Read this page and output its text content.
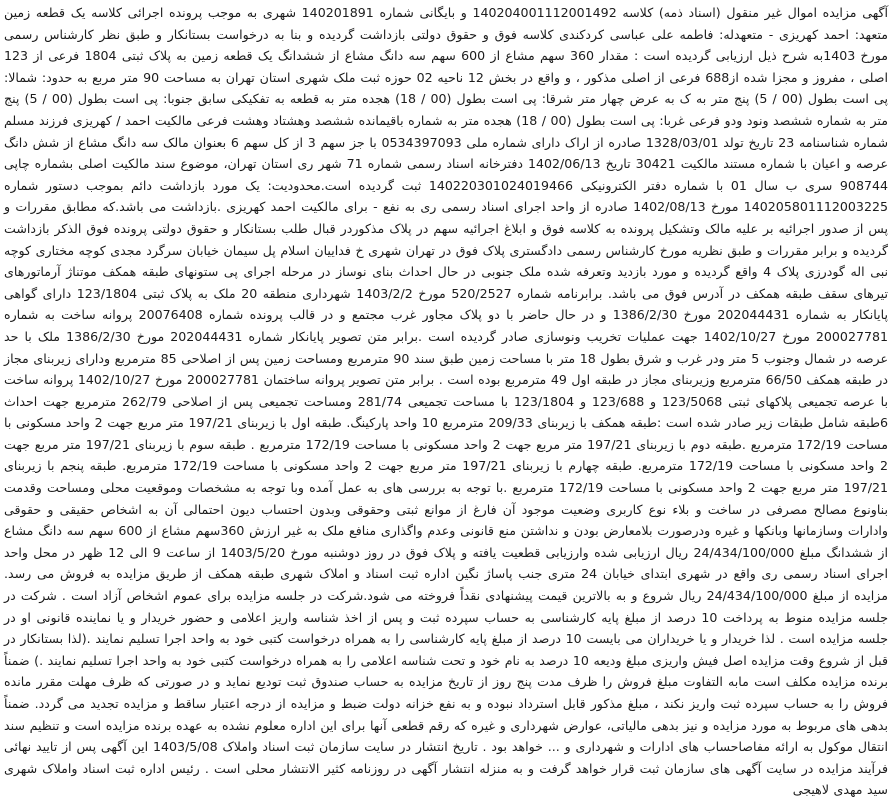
آگهی مزایده اموال غیر منقول (اسناد ذمه) کلاسه 140204001112001492 و بایگانی شماره 140201891 شهری به موجب پرونده اجرائی کلاسه یک قطعه زمین متعهد: احمد کهریزی - متعهدله: فاطمه علی عباسی کردکندی کلاسه فوق و حقوق دولتی بازداشت گردیده و بنا به درخواست بستانکار و طبق نظر کارشناس رسمی مورخ 1403به شرح ذیل ارزیابی گردیده است : مقدار 360 سهم مشاع از 600 سهم سه دانگ مشاع از ششدانگ یک قطعه زمین به پلاک ثبتی 1804 فرعی از 123 اصلی ، مفروز و مجزا شده از688 فرعی از اصلی مذکور ، و واقع در بخش 12 ناحیه 02 حوزه ثبت ملک شهری استان تهران به مساحت 90 متر مربع به حدود: شمالا: پی است بطول (00 / 5) پنج متر به ک به عرض چهار متر شرقا: پی است بطول (00 / 18) هجده متر به قطعه به تفکیکی سابق جنوبا: پی است بطول (00 / 5) پنج متر به شماره ششصد ونود ودو فرعی غربا: پی است بطول (00 / 18) هجده متر به شماره باقیمانده ششصد وهشتاد وهشت فرعی مالکیت احمد / کهریزی فرزند مسلم شماره شناسنامه 23 تاریخ تولد 1328/03/01 صادره از اراک دارای شماره ملی 0534397093 با جز سهم 3 از کل سهم 6 بعنوان مالک سه دانگ مشاع از شش دانگ عرصه و اعیان با شماره مستند مالکیت 30421 تاریخ 1402/06/13 دفترخانه اسناد رسمی شماره 71 شهر ری استان تهران، موضوع سند مالکیت اصلی بشماره چاپی 908744 سری ب سال 01 با شماره دفتر الکترونیکی 140220301024019466 ثبت گردیده است.محدودیت: یک مورد بازداشت دائم بموجب دستور شماره 140205801112003225 مورخ 1402/08/13 صادره از واحد اجرای اسناد رسمی ری به نفع - برای مالکیت احمد کهریزی .بازداشت می باشد.که مطابق مقررات و پس از صدور اجرائیه بر علیه مالک وتشکیل پرونده به کلاسه فوق و ابلاغ اجرائیه سهم در پلاک مذکوردر قبال طلب بستانکار و حقوق دولتی پرونده فوق الذکر بازداشت گردیده و برابر مقررات و طبق نظریه مورخ کارشناس رسمی دادگستری پلاک فوق در تهران شهری خ فداییان اسلام پل سیمان خیابان سرگرد مجدی کوچه مختاری کوچه نبی اله گودرزی پلاک 4 واقع گردیده و مورد بازدید وتعرفه شده ملک جنوبی در حال احداث بنای نوساز در مرحله اجرای پی ستونهای طبقه همکف موتناژ آرماتورهای تیرهای سقف طبقه همکف در آدرس فوق می باشد. برابرنامه شماره 520/2527 مورخ 1403/2/2 شهرداری منطقه 20 ملک به پلاک ثبتی 123/1804 دارای گواهی پایانکار به شماره 202044431 مورخ 1386/2/30 و در حال حاضر با دو پلاک مجاور غرب مجتمع و در قالب پرونده شماره 20076408 پروانه ساخت به شماره 200027781 مورخ 1402/10/27 جهت عملیات تخریب ونوسازی صادر گردیده است .برابر متن تصویر پایانکار شماره 202044431 مورخ 1386/2/30 ملک با حد عرصه در شمال وجنوب 5 متر ودر غرب و شرق بطول 18 متر با مساحت زمین طبق سند 90 مترمربع ومساحت زمین پس از اصلاحی 85 مترمربع ودارای زیربنای مجاز در طبقه همکف 66/50 مترمربع وزیربنای مجاز در طبقه اول 49 مترمربع بوده است . برابر متن تصویر پروانه ساختمان 200027781 مورخ 1402/10/27 پروانه ساخت با عرصه تجمیعی پلاکهای ثبتی 123/5068 و 123/688 و 123/1804 با مساحت تجمیعی 281/74 ومساحت تجمیعی پس از اصلاحی 262/79 مترمربع جهت احداث 6طبقه شامل طبقات زیر صادر شده است :طبقه همکف با زیربنای 209/33 مترمربع 10 واحد پارکینگ. طبقه اول با زیربنای 197/21 متر مربع جهت 2 واحد مسکونی با مساحت 172/19 مترمربع .طبقه دوم با زیربنای 197/21 متر مربع جهت 2 واحد مسکونی با مساحت 172/19 مترمربع . طبقه سوم با زیربنای 197/21 متر مربع جهت 2 واحد مسکونی با مساحت 172/19 مترمربع. طبقه چهارم با زیربنای 197/21 متر مربع جهت 2 واحد مسکونی با مساحت 172/19 مترمربع. طبقه پنجم با زیربنای 197/21 متر مربع جهت 2 واحد مسکونی با مساحت 172/19 مترمربع .با توجه به بررسی های به عمل آمده وبا توجه به مشخصات وموقعیت محلی ومساحت وقدمت بناونوع مصالح مصرفی در ساخت و بلاء نوع کاربری وضعیت موجود آن فارغ از موانع ثبتی وحقوقی وبدون احتساب دیون احتمالی آن به اشخاص حقیقی و حقوقی وادارات وسازمانها وبانکها و غیره ودرصورت بلامعارض بودن و نداشتن منع قانونی وعدم واگذاری منافع ملک به غیر ارزش 360سهم مشاع از 600 سهم سه دانگ مشاع از ششدانگ مبلغ 24/434/100/000 ریال ارزیابی شده وارزیابی قطعیت یافته و پلاک فوق در روز دوشنبه مورخ 1403/5/20 از ساعت 9 الی 12 ظهر در محل واحد اجرای اسناد رسمی ری واقع در شهری ابتدای خیابان 24 متری جنب پاساژ نگین اداره ثبت اسناد و املاک شهری طبقه همکف از طریق مزایده به فروش می رسد. مزایده از مبلغ 24/434/100/000 ریال شروع و به بالاترین قیمت پیشنهادی نقداً فروخته می شود.شرکت در جلسه مزایده برای عموم اشخاص آزاد است . شرکت در جلسه مزایده منوط به پرداخت 10 درصد از مبلغ پایه کارشناسی به حساب سپرده ثبت و پس از اخذ شناسه واریز اعلامی و حضور خریدار و یا نماینده قانونی او در جلسه مزایده است . لذا خریدار و یا خریداران می بایست 10 درصد از مبلغ پایه کارشناسی را به همراه درخواست کتبی خود به واحد اجرا تسلیم نمایند .(لذا بستانکار در قبل از شروع وقت مزایده اصل فیش واریزی مبلغ ودیعه 10 درصد به نام خود و تحت شناسه اعلامی را به همراه درخواست کتبی خود به واحد اجرا تسلیم نمایند .) ضمناً برنده مزایده مکلف است مابه التفاوت مبلغ فروش را ظرف مدت پنج روز از تاریخ مزایده به حساب صندوق ثبت تودیع نماید و در صورتی که ظرف مهلت مقرر مانده فروش را به حساب سپرده ثبت واریز نکند ، مبلغ مذکور قابل استرداد نبوده و به نفع خزانه دولت ضبط و مزایده از درجه اعتبار ساقط و مزایده تجدید می گردد. ضمناً بدهی های مربوط به مورد مزایده و نیز بدهی مالیاتی، عوارض شهرداری و غیره که رقم قطعی آنها برای این اداره معلوم نشده به عهده برنده مزایده است و تنظیم سند انتقال موکول به ارائه مفاصاحساب های ادارات و شهرداری و ... خواهد بود . تاریخ انتشار در سایت سازمان ثبت اسناد واملاک 1403/5/08 این آگهی پس از تایید نهائی فرآیند مزایده در سایت آگهی های سازمان ثبت قرار خواهد گرفت و به منزله انتشار آگهی در روزنامه کثیر الانتشار محلی است . رئیس اداره ثبت اسناد واملاک شهری سید مهدی لاهیجی
